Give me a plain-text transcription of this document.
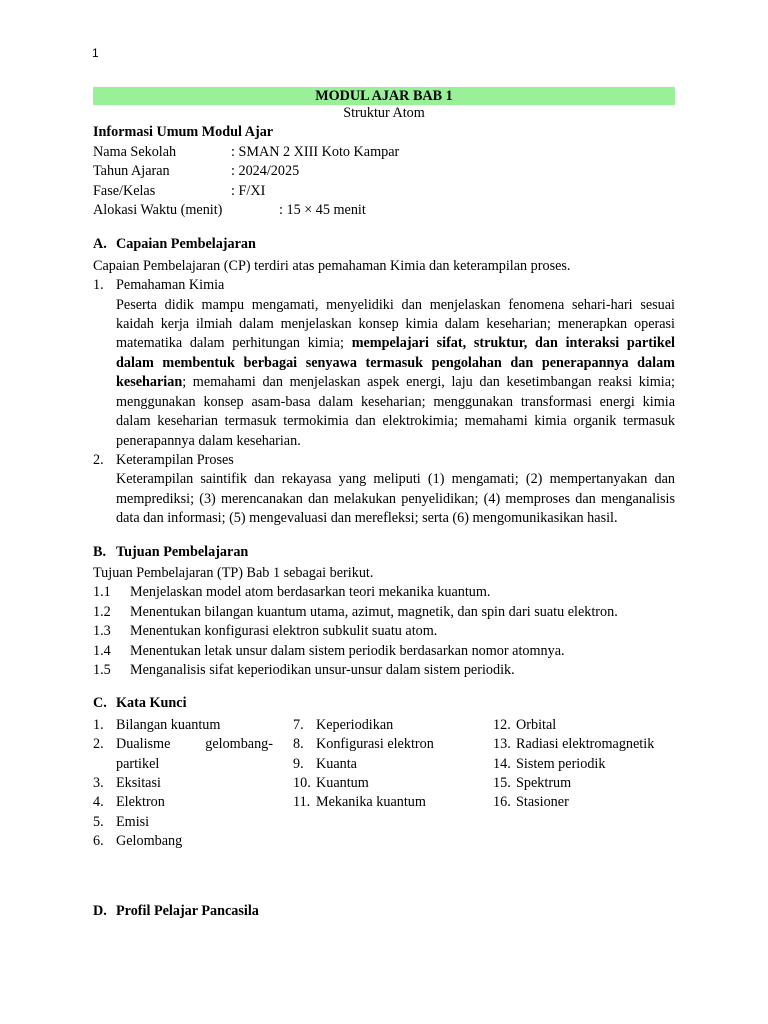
1
MODUL AJAR BAB 1
Struktur Atom
Informasi Umum Modul Ajar
Nama Sekolah	: SMAN 2 XIII Koto Kampar
Tahun Ajaran	: 2024/2025
Fase/Kelas	: F/XI
Alokasi Waktu (menit)	: 15 × 45 menit
A. Capaian Pembelajaran
Capaian Pembelajaran (CP) terdiri atas pemahaman Kimia dan keterampilan proses.
1. Pemahaman Kimia
Peserta didik mampu mengamati, menyelidiki dan menjelaskan fenomena sehari-hari sesuai kaidah kerja ilmiah dalam menjelaskan konsep kimia dalam keseharian; menerapkan operasi matematika dalam perhitungan kimia; mempelajari sifat, struktur, dan interaksi partikel dalam membentuk berbagai senyawa termasuk pengolahan dan penerapannya dalam keseharian; memahami dan menjelaskan aspek energi, laju dan kesetimbangan reaksi kimia; menggunakan konsep asam-basa dalam keseharian; menggunakan transformasi energi kimia dalam keseharian termasuk termokimia dan elektrokimia; memahami kimia organik termasuk penerapannya dalam keseharian.
2. Keterampilan Proses
Keterampilan saintifik dan rekayasa yang meliputi (1) mengamati; (2) mempertanyakan dan memprediksi; (3) merencanakan dan melakukan penyelidikan; (4) memproses dan menganalisis data dan informasi; (5) mengevaluasi dan merefleksi; serta (6) mengomunikasikan hasil.
B. Tujuan Pembelajaran
Tujuan Pembelajaran (TP) Bab 1 sebagai berikut.
1.1	Menjelaskan model atom berdasarkan teori mekanika kuantum.
1.2	Menentukan bilangan kuantum utama, azimut, magnetik, dan spin dari suatu elektron.
1.3	Menentukan konfigurasi elektron subkulit suatu atom.
1.4	Menentukan letak unsur dalam sistem periodik berdasarkan nomor atomnya.
1.5	Menganalisis sifat keperiodikan unsur-unsur dalam sistem periodik.
C. Kata Kunci
1. Bilangan kuantum
2. Dualisme gelombang-
partikel
3. Eksitasi
4. Elektron
5. Emisi
6. Gelombang
7. Keperiodikan
8. Konfigurasi elektron
9. Kuanta
10. Kuantum
11. Mekanika kuantum
12. Orbital
13. Radiasi elektromagnetik
14. Sistem periodik
15. Spektrum
16. Stasioner
D. Profil Pelajar Pancasila
